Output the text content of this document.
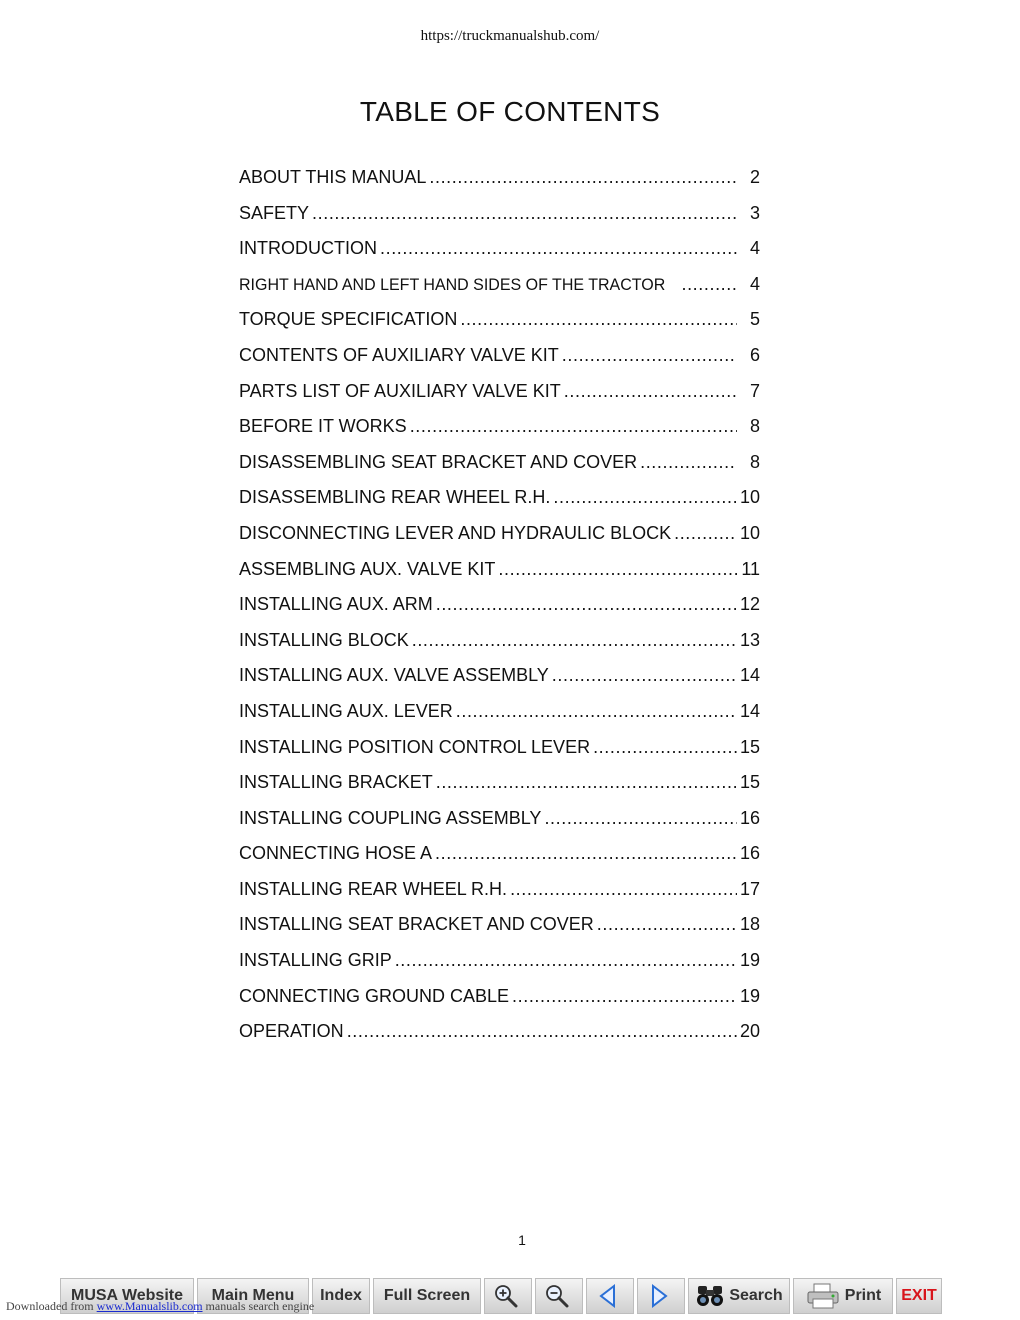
https://truckmanualshub.com/
TABLE OF CONTENTS
ABOUT THIS MANUAL .....	2
SAFETY .....	3
INTRODUCTION .....	4
RIGHT HAND AND LEFT HAND SIDES OF THE TRACTOR .....	4
TORQUE SPECIFICATION .....	5
CONTENTS OF AUXILIARY VALVE KIT .....	6
PARTS LIST OF AUXILIARY VALVE KIT .....	7
BEFORE IT WORKS .....	8
DISASSEMBLING SEAT BRACKET AND COVER .....	8
DISASSEMBLING REAR WHEEL R.H. .....	10
DISCONNECTING LEVER AND HYDRAULIC BLOCK .....	10
ASSEMBLING AUX. VALVE KIT .....	11
INSTALLING AUX. ARM .....	12
INSTALLING BLOCK .....	13
INSTALLING AUX. VALVE ASSEMBLY .....	14
INSTALLING AUX. LEVER .....	14
INSTALLING POSITION CONTROL LEVER .....	15
INSTALLING BRACKET .....	15
INSTALLING COUPLING ASSEMBLY .....	16
CONNECTING HOSE A .....	16
INSTALLING REAR WHEEL R.H. .....	17
INSTALLING SEAT BRACKET AND COVER .....	18
INSTALLING GRIP .....	19
CONNECTING GROUND CABLE .....	19
OPERATION .....	20
1
MUSA Website Main Menu Index Full Screen	Search	Print EXIT
Downloaded from www.Manualslib.com manuals search engine
